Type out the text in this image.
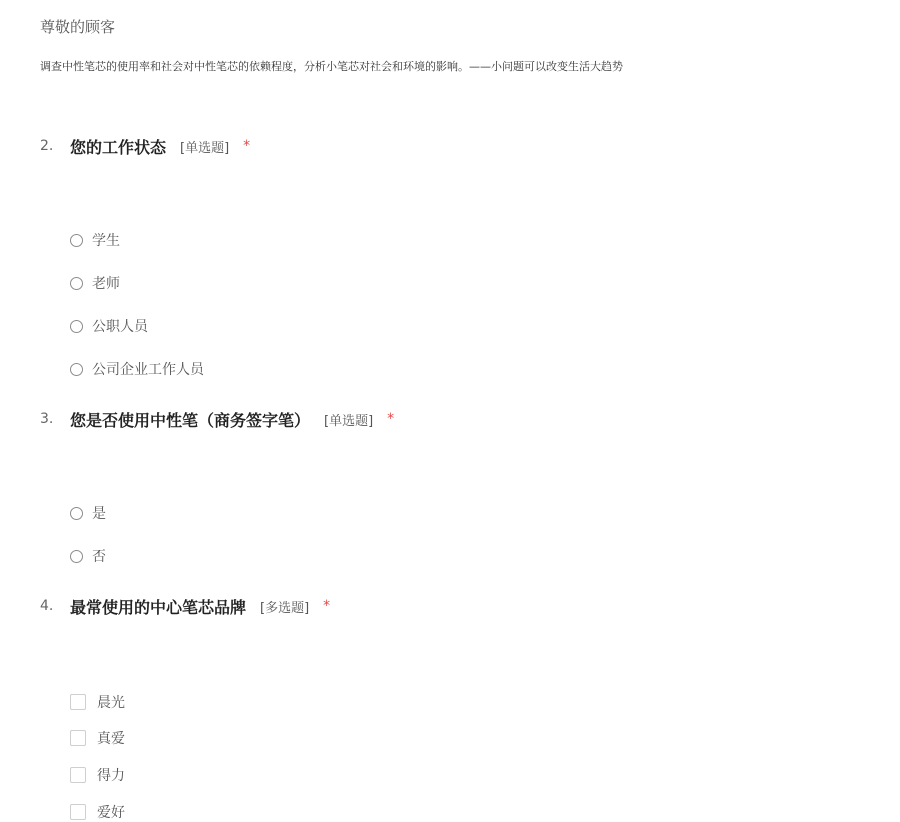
尊敬的顾客
调查中性笔芯的使用率和社会对中性笔芯的依赖程度，分析小笔芯对社会和环境的影响。——小问题可以改变生活大趋势
2.	您的工作状态 [单选题] *
学生
老师
公职人员
公司企业工作人员
3.	您是否使用中性笔（商务签字笔） [单选题] *
是
否
4.	最常使用的中心笔芯品牌 [多选题] *
晨光
真爱
得力
爱好
